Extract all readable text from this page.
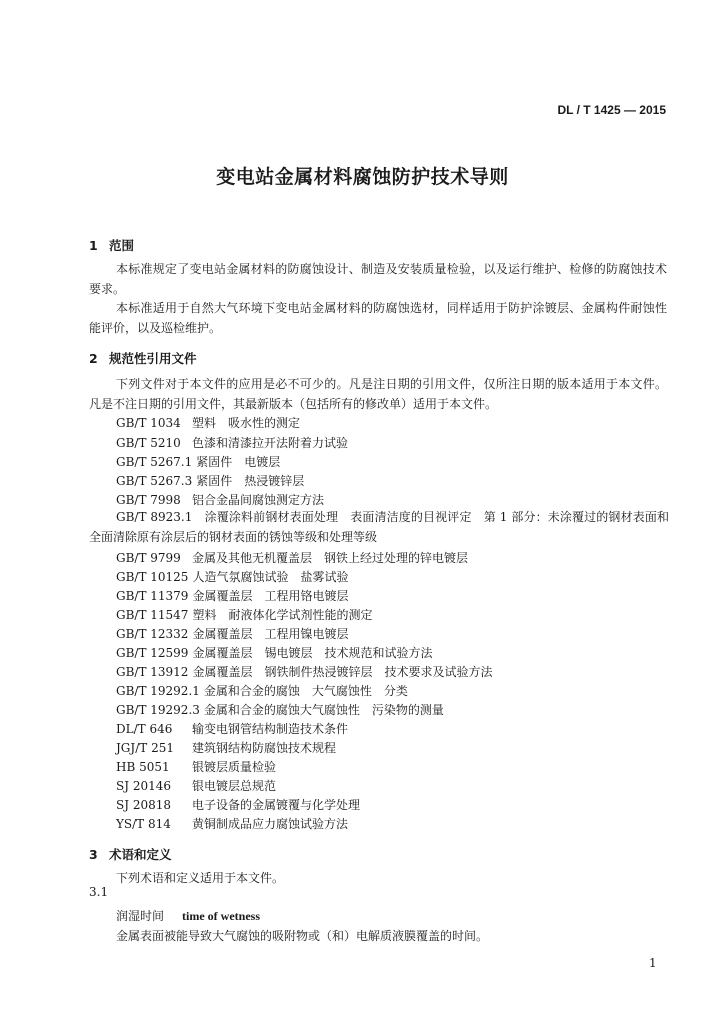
DL / T 1425 — 2015
变电站金属材料腐蚀防护技术导则
1 范围
本标准规定了变电站金属材料的防腐蚀设计、制造及安装质量检验，以及运行维护、检修的防腐蚀技术要求。
本标准适用于自然大气环境下变电站金属材料的防腐蚀选材，同样适用于防护涂镀层、金属构件耐蚀性能评价，以及巡检维护。
2 规范性引用文件
下列文件对于本文件的应用是必不可少的。凡是注日期的引用文件，仅所注日期的版本适用于本文件。凡是不注日期的引用文件，其最新版本（包括所有的修改单）适用于本文件。
GB/T 1034 塑料　吸水性的测定
GB/T 5210 色漆和清漆拉开法附着力试验
GB/T 5267.1 紧固件　电镀层
GB/T 5267.3 紧固件　热浸镀锌层
GB/T 7998 铝合金晶间腐蚀测定方法
GB/T 8923.1　 涂覆涂料前钢材表面处理　表面清洁度的目视评定　第 1 部分：未涂覆过的钢材表面和全面清除原有涂层后的钢材表面的锈蚀等级和处理等级
GB/T 9799 金属及其他无机覆盖层　钢铁上经过处理的锌电镀层
GB/T 10125 人造气氛腐蚀试验　盐雾试验
GB/T 11379 金属覆盖层　工程用铬电镀层
GB/T 11547 塑料　耐液体化学试剂性能的测定
GB/T 12332 金属覆盖层　工程用镍电镀层
GB/T 12599 金属覆盖层　锡电镀层　技术规范和试验方法
GB/T 13912 金属覆盖层　钢铁制件热浸镀锌层　技术要求及试验方法
GB/T 19292.1 金属和合金的腐蚀　大气腐蚀性　分类
GB/T 19292.3 金属和合金的腐蚀大气腐蚀性　污染物的测量
DL/T 646 输变电钢管结构制造技术条件
JGJ/T 251 建筑钢结构防腐蚀技术规程
HB 5051 银镀层质量检验
SJ 20146 银电镀层总规范
SJ 20818 电子设备的金属镀覆与化学处理
YS/T 814 黄铜制成品应力腐蚀试验方法
3 术语和定义
下列术语和定义适用于本文件。
3.1
润湿时间 time of wetness
金属表面被能导致大气腐蚀的吸附物或（和）电解质液膜覆盖的时间。
1
